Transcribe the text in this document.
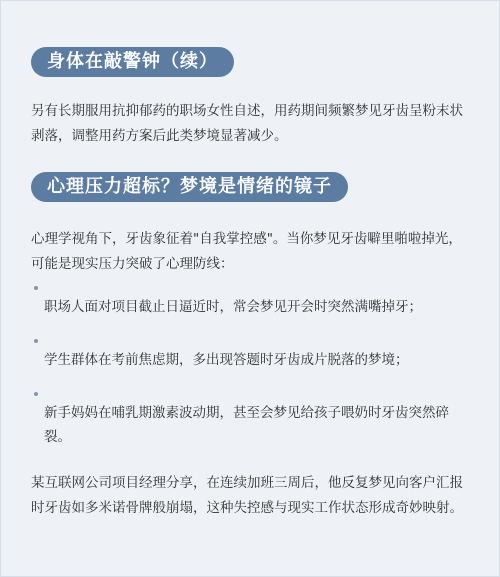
身体在敲警钟（续）

另有长期服用抗抑郁药的职场女性自述，用药期间频繁梦见牙齿呈粉末状剥落，调整用药方案后此类梦境显著减少。

心理压力超标？梦境是情绪的镜子

心理学视角下，牙齿象征着"自我掌控感"。当你梦见牙齿噼里啪啦掉光，可能是现实压力突破了心理防线：

职场人面对项目截止日逼近时，常会梦见开会时突然满嘴掉牙；
学生群体在考前焦虑期，多出现答题时牙齿成片脱落的梦境；
新手妈妈在哺乳期激素波动期，甚至会梦见给孩子喂奶时牙齿突然碎裂。

某互联网公司项目经理分享，在连续加班三周后，他反复梦见向客户汇报时牙齿如多米诺骨牌般崩塌，这种失控感与现实工作状态形成奇妙映射。
